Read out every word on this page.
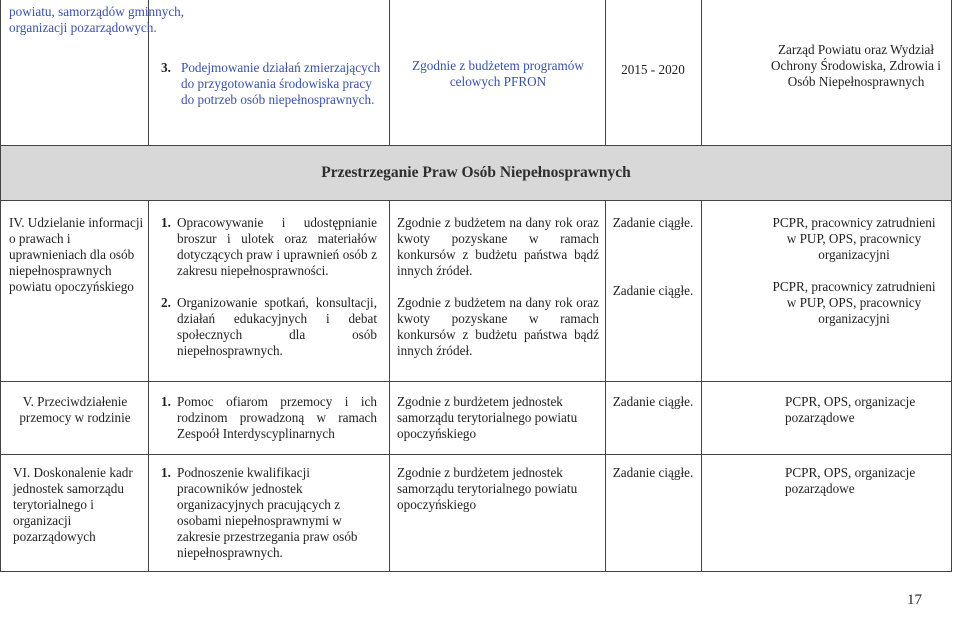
powiatu, samorządów gminnych, organizacji pozarządowych.

3. Podejmowanie działań zmierzających do przygotowania środowiska pracy do potrzeb osób niepełnosprawnych.

Zgodnie z budżetem programów celowych PFRON

2015 - 2020

Zarząd Powiatu oraz Wydział Ochrony Środowiska, Zdrowia i Osób Niepełnosprawnych

Przestrzeganie Praw Osób Niepełnosprawnych

IV. Udzielanie informacji o prawach i uprawnieniach dla osób niepełnosprawnych powiatu opoczyńskiego

1. Opracowywanie i udostępnianie broszur i ulotek oraz materiałów dotyczących praw i uprawnień osób z zakresu niepełnosprawności.
2. Organizowanie spotkań, konsultacji, działań edukacyjnych i debat społecznych dla osób niepełnosprawnych.

Zgodnie z budżetem na dany rok oraz kwoty pozyskane w ramach konkursów z budżetu państwa bądź innych źródeł.

Zgodnie z budżetem na dany rok oraz kwoty pozyskane w ramach konkursów z budżetu państwa bądź innych źródeł.

Zadanie ciągłe.

Zadanie ciągłe.

PCPR, pracownicy zatrudnieni w PUP, OPS, pracownicy organizacyjni

PCPR, pracownicy zatrudnieni w PUP, OPS, pracownicy organizacyjni

V. Przeciwdziałenie przemocy w rodzinie

1. Pomoc ofiarom przemocy i ich rodzinom prowadzoną w ramach Zespoół Interdyscyplinarnych

Zgodnie z burdżetem jednostek samorządu terytorialnego powiatu opoczyńskiego

Zadanie ciągłe.	PCPR, OPS, organizacje pozarządowe

VI. Doskonalenie kadr jednostek samorządu terytorialnego i organizacji pozarządowych

1. Podnoszenie kwalifikacji pracowników jednostek organizacyjnych pracujących z osobami niepełnosprawnymi w zakresie przestrzegania praw osób niepełnosprawnych.

Zgodnie z burdżetem jednostek samorządu terytorialnego powiatu opoczyńskiego

Zadanie ciągłe.	PCPR, OPS, organizacje pozarządowe

17
